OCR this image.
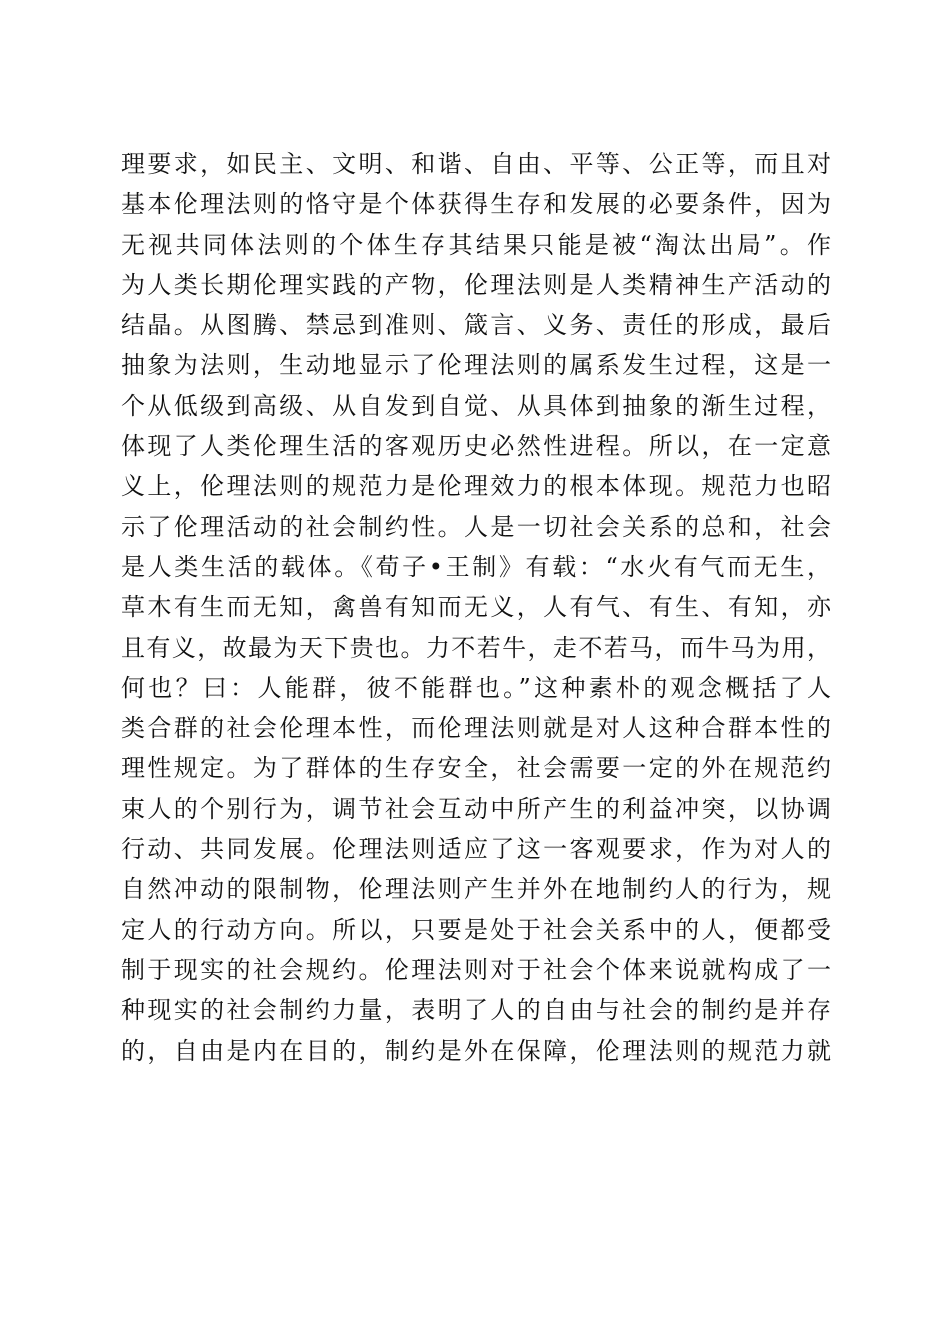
理要求，如民主、文明、和谐、自由、平等、公正等，而且对
基本伦理法则的恪守是个体获得生存和发展的必要条件，因为
无视共同体法则的个体生存其结果只能是被“淘汰出局”。作
为人类长期伦理实践的产物，伦理法则是人类精神生产活动的
结晶。从图腾、禁忌到准则、箴言、义务、责任的形成，最后
抽象为法则，生动地显示了伦理法则的属系发生过程，这是一
个从低级到高级、从自发到自觉、从具体到抽象的渐生过程，
体现了人类伦理生活的客观历史必然性进程。所以，在一定意
义上，伦理法则的规范力是伦理效力的根本体现。规范力也昭
示了伦理活动的社会制约性。人是一切社会关系的总和，社会
是人类生活的载体。《荀子•王制》有载：“水火有气而无生，
草木有生而无知，禽兽有知而无义，人有气、有生、有知，亦
且有义，故最为天下贵也。力不若牛，走不若马，而牛马为用，
何也？曰：人能群，彼不能群也。”这种素朴的观念概括了人
类合群的社会伦理本性，而伦理法则就是对人这种合群本性的
理性规定。为了群体的生存安全，社会需要一定的外在规范约
束人的个别行为，调节社会互动中所产生的利益冲突，以协调
行动、共同发展。伦理法则适应了这一客观要求，作为对人的
自然冲动的限制物，伦理法则产生并外在地制约人的行为，规
定人的行动方向。所以，只要是处于社会关系中的人，便都受
制于现实的社会规约。伦理法则对于社会个体来说就构成了一
种现实的社会制约力量，表明了人的自由与社会的制约是并存
的，自由是内在目的，制约是外在保障，伦理法则的规范力就
